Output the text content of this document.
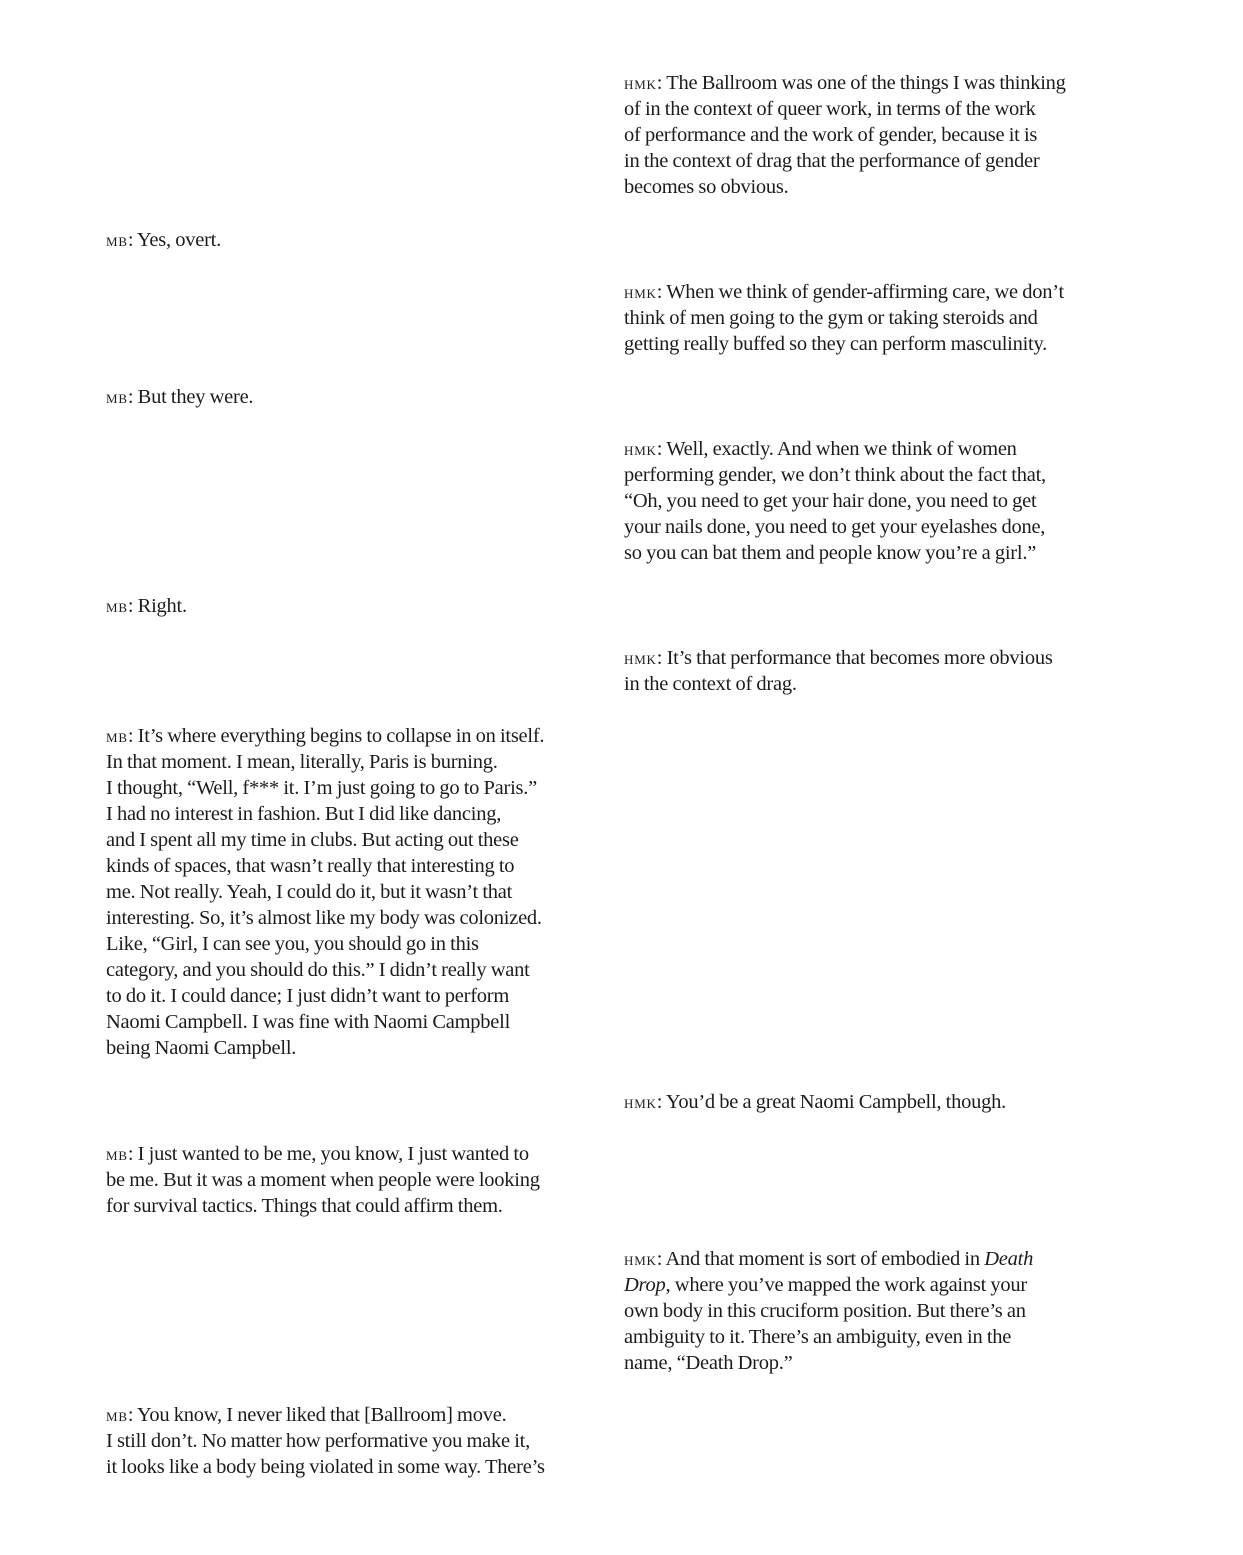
hmk: The Ballroom was one of the things I was thinking
of in the context of queer work, in terms of the work
of performance and the work of gender, because it is
in the context of drag that the performance of gender
becomes so obvious.

mb: Yes, overt.

hmk: When we think of gender-affirming care, we don’t
think of men going to the gym or taking steroids and
getting really buffed so they can perform masculinity.

mb: But they were.

hmk: Well, exactly. And when we think of women
performing gender, we don’t think about the fact that,
“Oh, you need to get your hair done, you need to get
your nails done, you need to get your eyelashes done,
so you can bat them and people know you’re a girl.”

mb: Right.

hmk: It’s that performance that becomes more obvious
in the context of drag.

mb: It’s where everything begins to collapse in on itself.
In that moment. I mean, literally, Paris is burning.
I thought, “Well, f*** it. I’m just going to go to Paris.”
I had no interest in fashion. But I did like dancing,
and I spent all my time in clubs. But acting out these
kinds of spaces, that wasn’t really that interesting to
me. Not really. Yeah, I could do it, but it wasn’t that
interesting. So, it’s almost like my body was colonized.
Like, “Girl, I can see you, you should go in this
category, and you should do this.” I didn’t really want
to do it. I could dance; I just didn’t want to perform
Naomi Campbell. I was fine with Naomi Campbell
being Naomi Campbell.

hmk: You’d be a great Naomi Campbell, though.

mb: I just wanted to be me, you know, I just wanted to
be me. But it was a moment when people were looking
for survival tactics. Things that could affirm them.

hmk: And that moment is sort of embodied in Death
Drop, where you’ve mapped the work against your
own body in this cruciform position. But there’s an
ambiguity to it. There’s an ambiguity, even in the
name, “Death Drop.”

mb: You know, I never liked that [Ballroom] move.
I still don’t. No matter how performative you make it,
it looks like a body being violated in some way. There’s
